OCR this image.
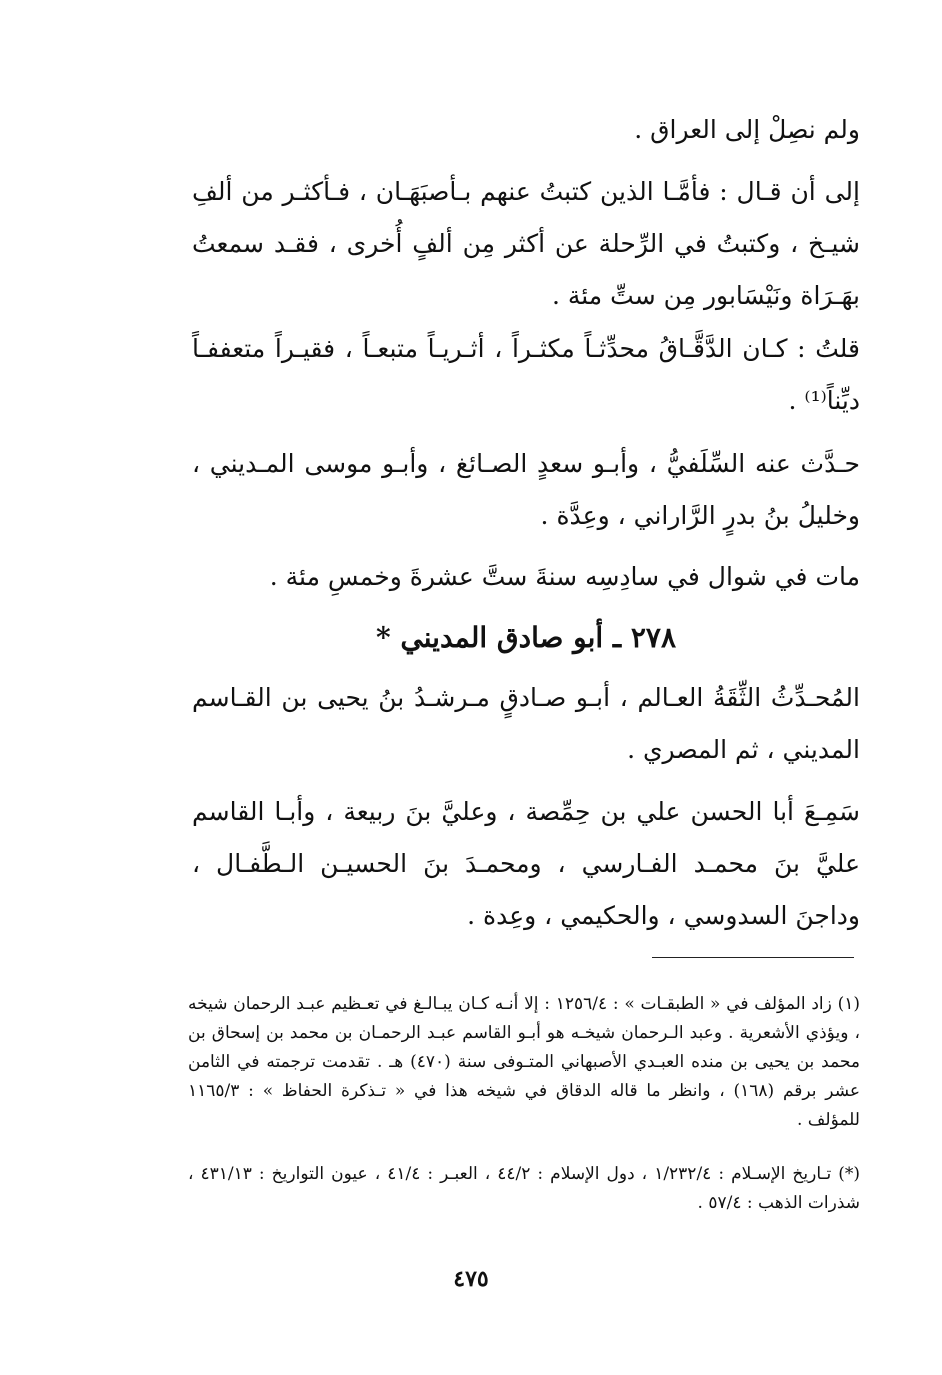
ولم نصِلْ إلى العراق .

إلى أن قـال : فأمَّـا الذين كتبتُ عنهم بـأصبَهَـان ، فـأكثـر من ألفِ شيـخ ، وكتبتُ في الرِّحلة عن أكثر مِن ألفٍ أُخرى ، فقـد سمعتُ بهَـرَاة ونَيْسَابور مِن ستِّ مئة .

قلتُ : كـان الدَّقَّـاقُ محدِّثـاً مكثـراً ، أثـريـاً متبعـاً ، فقيـراً متعففـاً ديِّناً⁽¹⁾ .

حـدَّث عنه السِّلَفيُّ ، وأبـو سعدٍ الصـائغ ، وأبـو موسى المـديني ، وخليلُ بنُ بدرٍ الرَّاراني ، وعِدَّة .

مات في شوال في سادِسِه سنةَ ستَّ عشرةَ وخمسِ مئة .

٢٧٨ ـ أبو صادق المديني *

المُحـدِّثُ الثِّقَةُ العـالم ، أبـو صـادقٍ مـرشـدُ بنُ يحيى بن القـاسم المديني ، ثم المصري .

سَمِـعَ أبا الحسن علي بن حِمِّصة ، وعليَّ بنَ ربيعة ، وأبـا القاسم عليَّ بنَ محمـد الفـارسي ، ومحمـدَ بنَ الحسيـن الـطَّفـال ، وداجنَ السدوسي ، والحكيمي ، وعِدة .

(١) زاد المؤلف في « الطبقـات » : ١٢٥٦/٤ : إلا أنـه كـان يبـالـغ في تعـظيم عبـد الرحمان شيخه ، ويؤذي الأشعرية . وعبد الـرحمان شيخـه هو أبـو القاسم عبـد الرحمـان بن محمد بن إسحاق بن محمد بن يحيى بن منده العبـدي الأصبهاني المتـوفى سنة (٤٧٠) هـ . تقدمت ترجمته في الثامن عشر برقم (١٦٨) ، وانظر ما قاله الدقاق في شيخه هذا في « تـذكرة الحفاظ » : ١١٦٥/٣ للمؤلف .

(*) تـاريخ الإسـلام : ١/٢٣٢/٤ ، دول الإسلام : ٤٤/٢ ، العبـر : ٤١/٤ ، عيون التواريخ : ٤٣١/١٣ ، شذرات الذهب : ٥٧/٤ .

٤٧٥
